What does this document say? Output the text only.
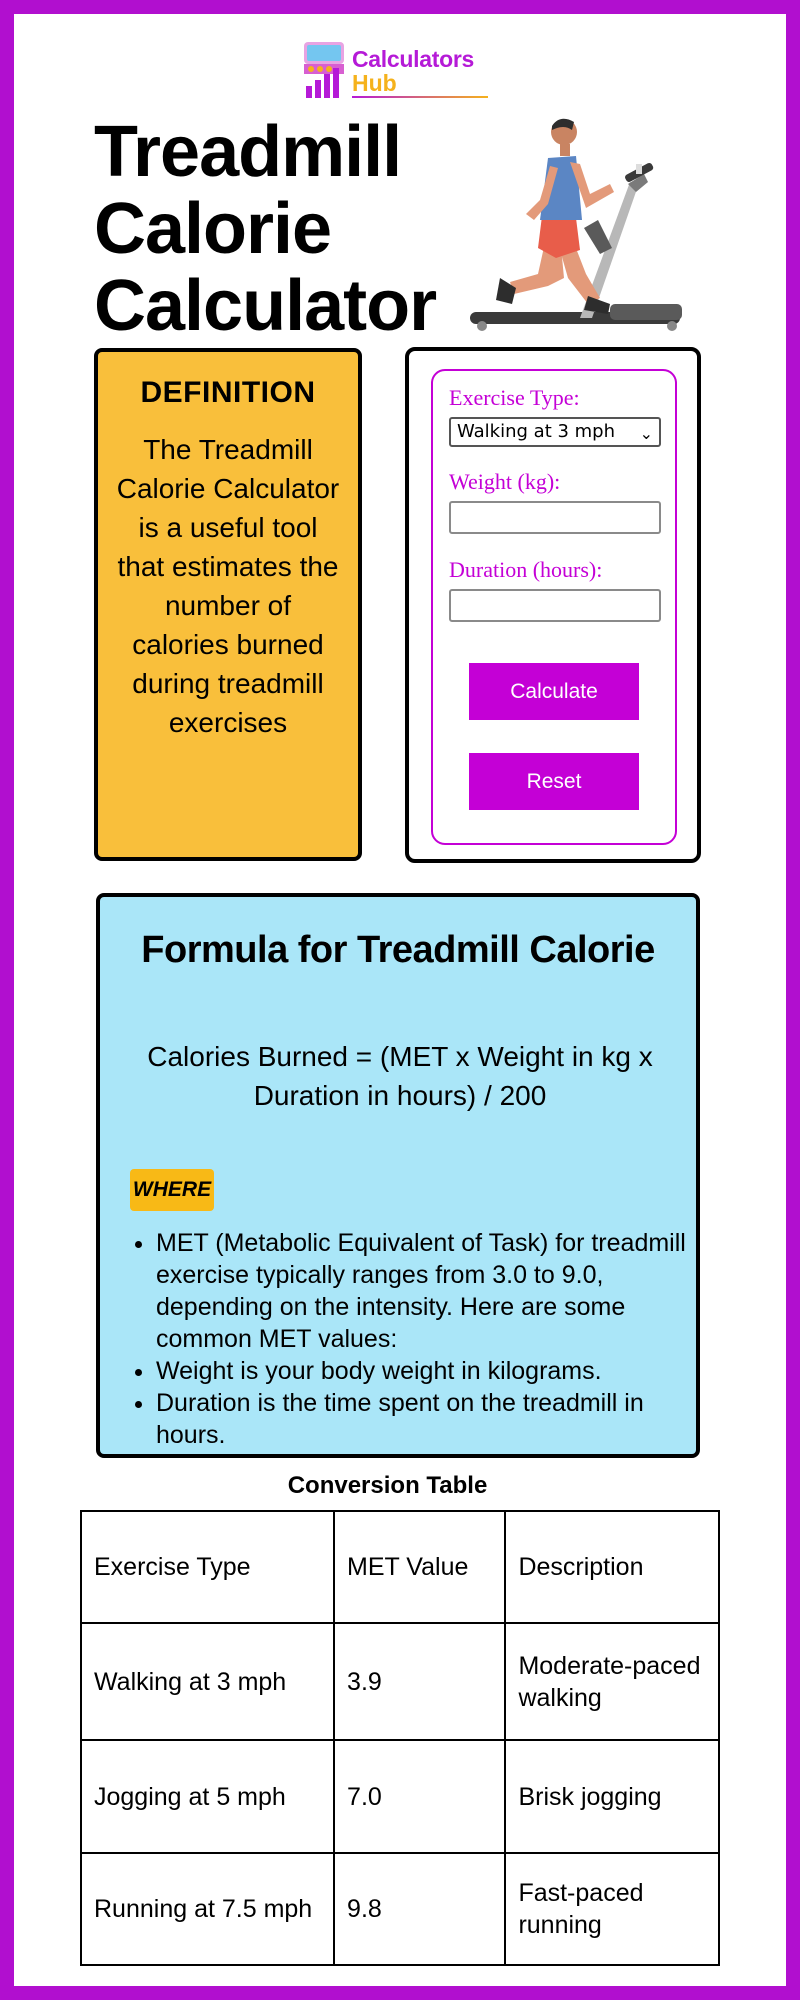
Calculators
Hub
Treadmill
Calorie
Calculator
DEFINITION
The Treadmill Calorie Calculator is a useful tool that estimates the number of calories burned during treadmill exercises
Exercise Type:
Walking at 3 mph ⌄
Weight (kg):
Duration (hours):
Calculate
Reset
Formula for Treadmill Calorie
Calories Burned = (MET x Weight in kg x Duration in hours) / 200
WHERE
• MET (Metabolic Equivalent of Task) for treadmill exercise typically ranges from 3.0 to 9.0, depending on the intensity. Here are some common MET values:
• Weight is your body weight in kilograms.
• Duration is the time spent on the treadmill in hours.
Conversion Table
Exercise Type	MET Value	Description
Walking at 3 mph	3.9	Moderate-paced walking
Jogging at 5 mph	7.0	Brisk jogging
Running at 7.5 mph	9.8	Fast-paced running
